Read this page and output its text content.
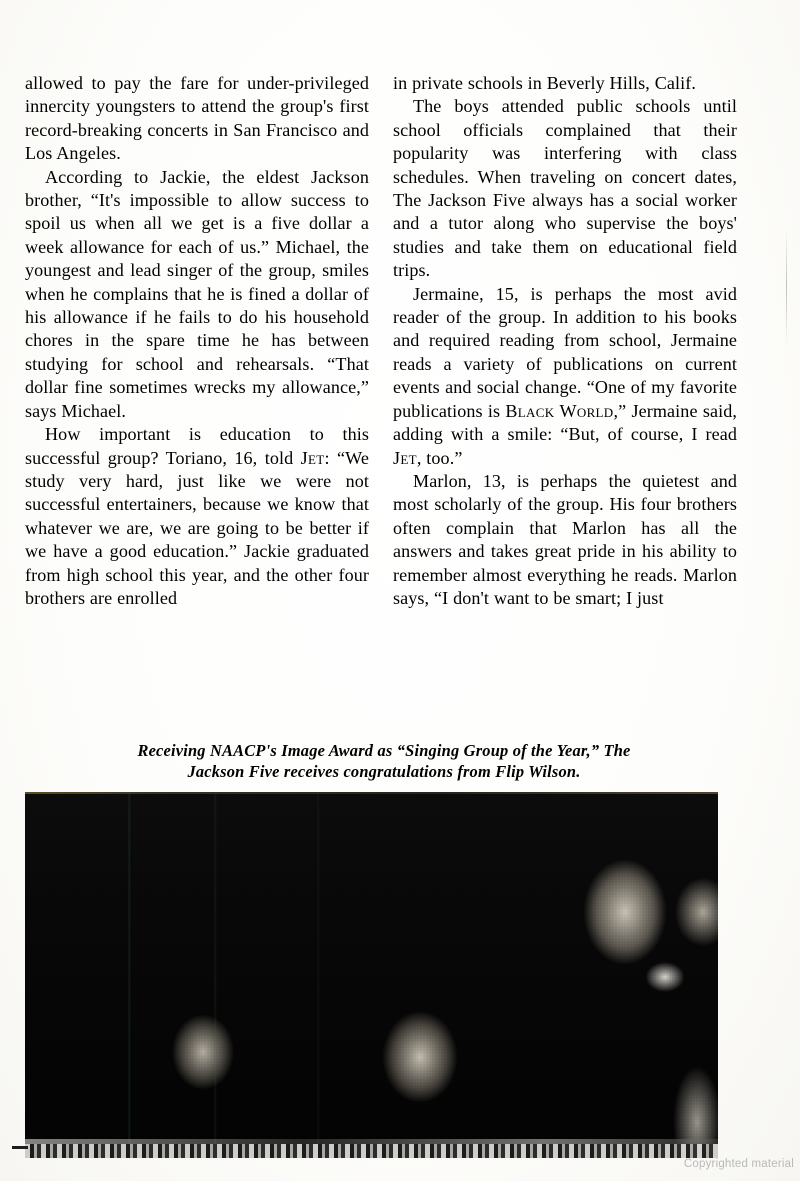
allowed to pay the fare for under-privileged innercity youngsters to attend the group's first record-breaking concerts in San Francisco and Los Angeles.

According to Jackie, the eldest Jackson brother, “It's impossible to allow success to spoil us when all we get is a five dollar a week allowance for each of us.” Michael, the youngest and lead singer of the group, smiles when he complains that he is fined a dollar of his allowance if he fails to do his household chores in the spare time he has between studying for school and rehearsals. “That dollar fine sometimes wrecks my allowance,” says Michael.

How important is education to this successful group? Toriano, 16, told Jet: “We study very hard, just like we were not successful entertainers, because we know that whatever we are, we are going to be better if we have a good education.” Jackie graduated from high school this year, and the other four brothers are enrolled

in private schools in Beverly Hills, Calif.

The boys attended public schools until school officials complained that their popularity was interfering with class schedules. When traveling on concert dates, The Jackson Five always has a social worker and a tutor along who supervise the boys' studies and take them on educational field trips.

Jermaine, 15, is perhaps the most avid reader of the group. In addition to his books and required reading from school, Jermaine reads a variety of publications on current events and social change. “One of my favorite publications is Black World,” Jermaine said, adding with a smile: “But, of course, I read Jet, too.”

Marlon, 13, is perhaps the quietest and most scholarly of the group. His four brothers often complain that Marlon has all the answers and takes great pride in his ability to remember almost everything he reads. Marlon says, “I don't want to be smart; I just

Receiving NAACP's Image Award as “Singing Group of the Year,” The
Jackson Five receives congratulations from Flip Wilson.
Copyrighted material
